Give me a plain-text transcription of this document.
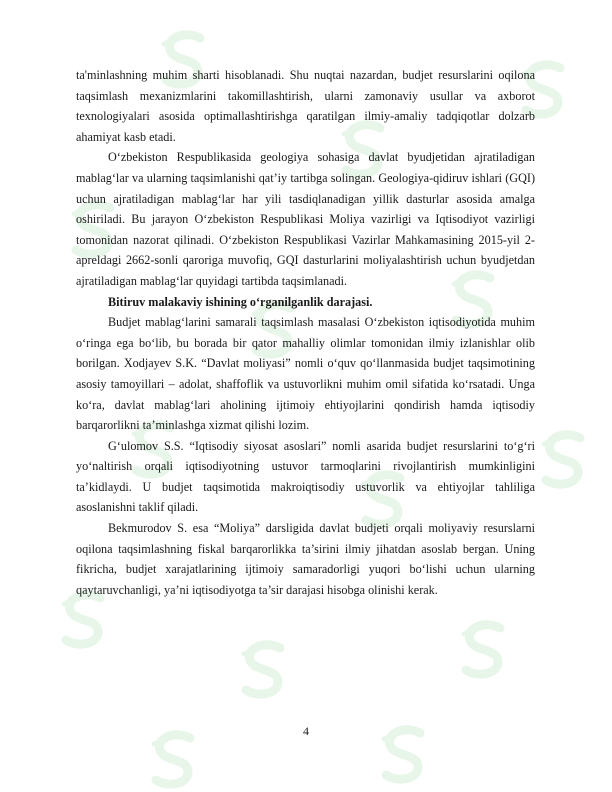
ta'minlashning muhim sharti hisoblanadi. Shu nuqtai nazardan, budjet resurslarini oqilona taqsimlash mexanizmlarini takomillashtirish, ularni zamonaviy usullar va axborot texnologiyalari asosida optimallashtirishga qaratilgan ilmiy-amaliy tadqiqotlar dolzarb ahamiyat kasb etadi.

O‘zbekiston Respublikasida geologiya sohasiga davlat byudjetidan ajratiladigan mablag‘lar va ularning taqsimlanishi qat’iy tartibga solingan. Geologiya-qidiruv ishlari (GQI) uchun ajratiladigan mablag‘lar har yili tasdiqlanadigan yillik dasturlar asosida amalga oshiriladi. Bu jarayon O‘zbekiston Respublikasi Moliya vazirligi va Iqtisodiyot vazirligi tomonidan nazorat qilinadi. O‘zbekiston Respublikasi Vazirlar Mahkamasining 2015-yil 2-apreldagi 2662-sonli qaroriga muvofiq, GQI dasturlarini moliyalashtirish uchun byudjetdan ajratiladigan mablag‘lar quyidagi tartibda taqsimlanadi.

Bitiruv malakaviy ishining o‘rganilganlik darajasi.

Budjet mablag‘larini samarali taqsimlash masalasi O‘zbekiston iqtisodiyotida muhim o‘ringa ega bo‘lib, bu borada bir qator mahalliy olimlar tomonidan ilmiy izlanishlar olib borilgan. Xodjayev S.K. “Davlat moliyasi” nomli o‘quv qo‘llanmasida budjet taqsimotining asosiy tamoyillari – adolat, shaffoflik va ustuvorlikni muhim omil sifatida ko‘rsatadi. Unga ko‘ra, davlat mablag‘lari aholining ijtimoiy ehtiyojlarini qondirish hamda iqtisodiy barqarorlikni ta’minlashga xizmat qilishi lozim.

G‘ulomov S.S. “Iqtisodiy siyosat asoslari” nomli asarida budjet resurslarini to‘g‘ri yo‘naltirish orqali iqtisodiyotning ustuvor tarmoqlarini rivojlantirish mumkinligini ta’kidlaydi. U budjet taqsimotida makroiqtisodiy ustuvorlik va ehtiyojlar tahliliga asoslanishni taklif qiladi.

Bekmurodov S. esa “Moliya” darsligida davlat budjeti orqali moliyaviy resurslarni oqilona taqsimlashning fiskal barqarorlikka ta’sirini ilmiy jihatdan asoslab bergan. Uning fikricha, budjet xarajatlarining ijtimoiy samaradorligi yuqori bo‘lishi uchun ularning qaytaruvchanligi, ya’ni iqtisodiyotga ta’sir darajasi hisobga olinishi kerak.

4
